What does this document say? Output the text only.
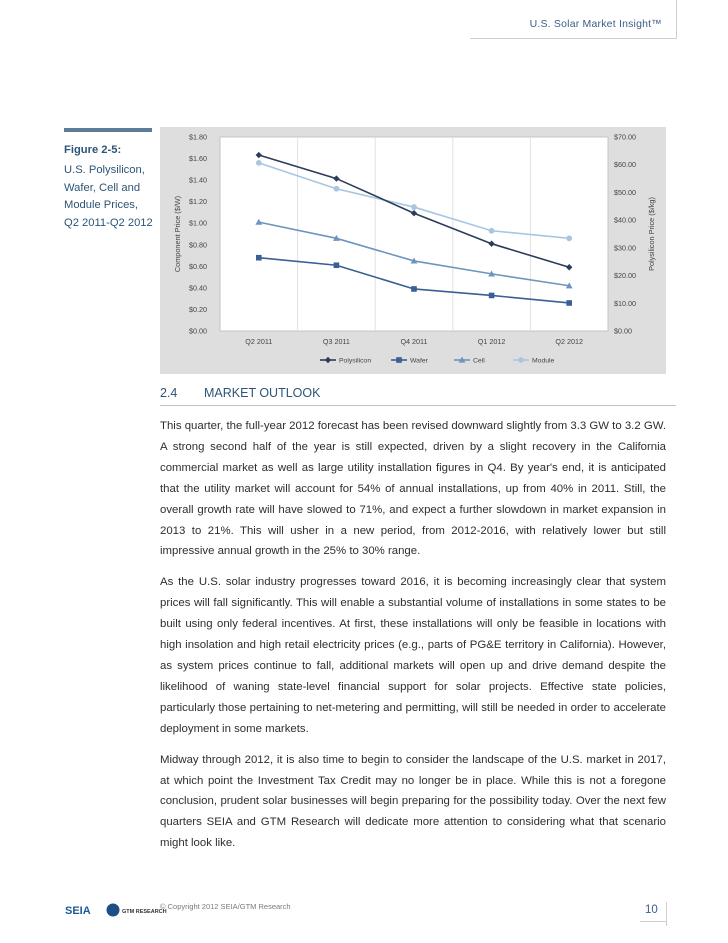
U.S. Solar Market Insight™
Figure 2-5:
U.S. Polysilicon, Wafer, Cell and Module Prices, Q2 2011-Q2 2012
$0.00
$0.20
$0.40
$0.60
$0.80
$1.00
$1.20
$1.40
$1.60
$1.80
$0.00
$10.00
$20.00
$30.00
$40.00
$50.00
$60.00
$70.00
Q2 2011	Q3 2011	Q4 2011	Q1 2012	Q2 2012
Component Price ($/W)	Polysilicon Price ($/kg)
Polysilicon	Wafer	Cell	Module
2.4 MARKET OUTLOOK

This quarter, the full-year 2012 forecast has been revised downward slightly from 3.3 GW to 3.2 GW. A strong second half of the year is still expected, driven by a slight recovery in the California commercial market as well as large utility installation figures in Q4. By year's end, it is anticipated that the utility market will account for 54% of annual installations, up from 40% in 2011. Still, the overall growth rate will have slowed to 71%, and expect a further slowdown in market expansion in 2013 to 21%. This will usher in a new period, from 2012-2016, with relatively lower but still impressive annual growth in the 25% to 30% range.

As the U.S. solar industry progresses toward 2016, it is becoming increasingly clear that system prices will fall significantly. This will enable a substantial volume of installations in some states to be built using only federal incentives. At first, these installations will only be feasible in locations with high insolation and high retail electricity prices (e.g., parts of PG&E territory in California). However, as system prices continue to fall, additional markets will open up and drive demand despite the likelihood of waning state-level financial support for solar projects. Effective state policies, particularly those pertaining to net-metering and permitting, will still be needed in order to accelerate deployment in some markets.

Midway through 2012, it is also time to begin to consider the landscape of the U.S. market in 2017, at which point the Investment Tax Credit may no longer be in place. While this is not a foregone conclusion, prudent solar businesses will begin preparing for the possibility today. Over the next few quarters SEIA and GTM Research will dedicate more attention to considering what that scenario might look like.

SEIA	GTM RESEARCH
© Copyright 2012 SEIA/GTM Research	10
